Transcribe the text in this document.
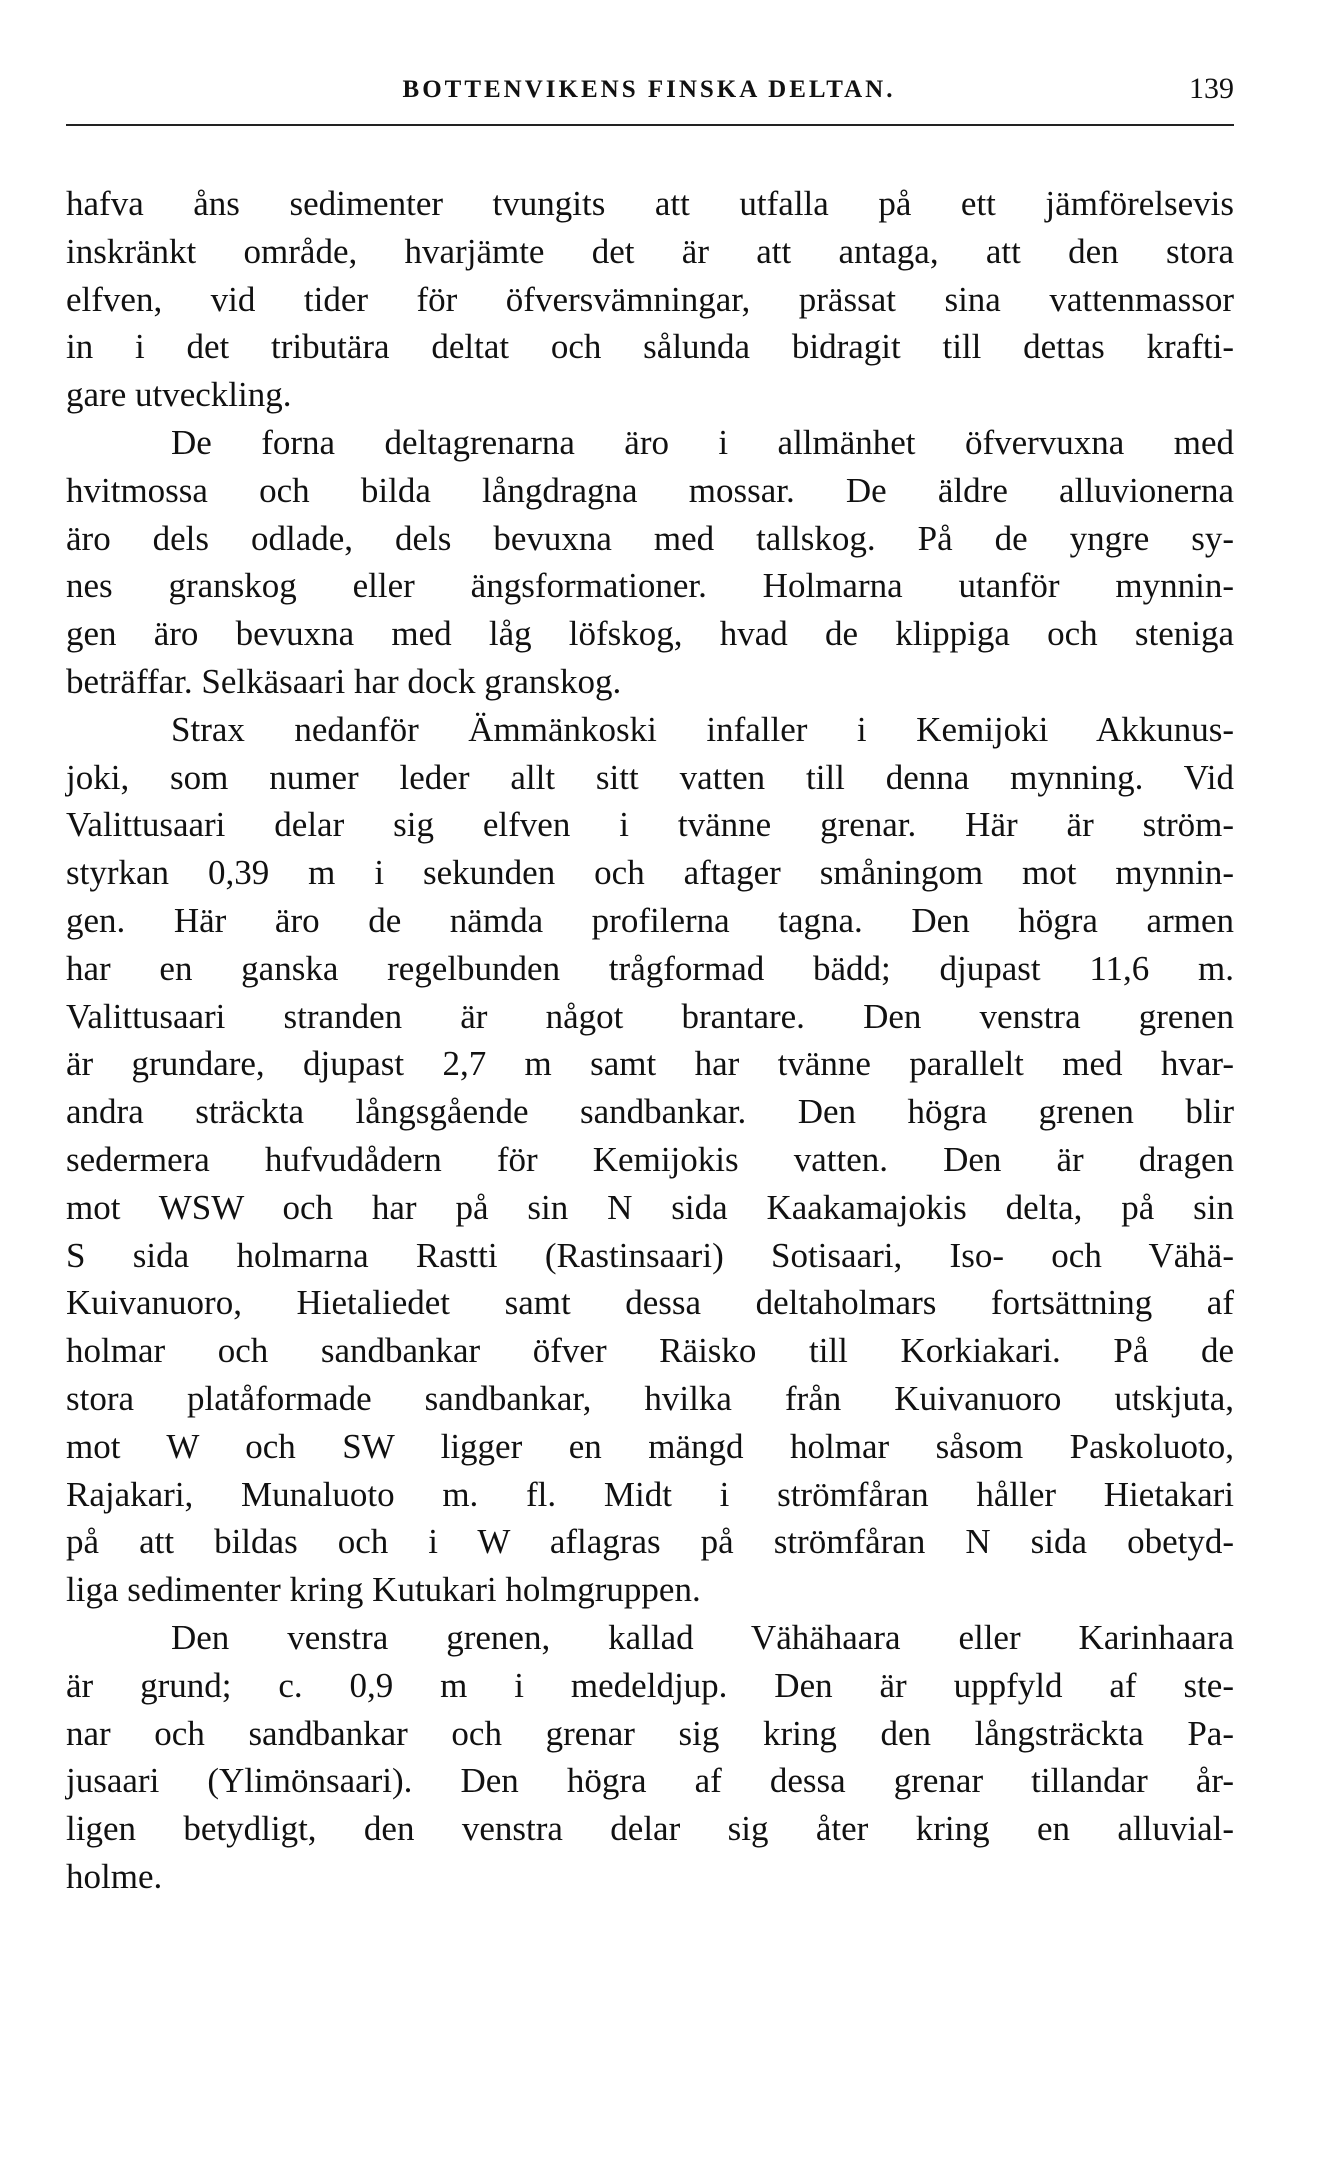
BOTTENVIKENS FINSKA DELTAN.	139
hafva åns sedimenter tvungits att utfalla på ett jämförelsevis
inskränkt område, hvarjämte det är att antaga, att den stora
elfven, vid tider för öfversvämningar, prässat sina vattenmassor
in i det tributära deltat och sålunda bidragit till dettas krafti-
gare utveckling.
De forna deltagrenarna äro i allmänhet öfvervuxna med
hvitmossa och bilda långdragna mossar. De äldre alluvionerna
äro dels odlade, dels bevuxna med tallskog. På de yngre sy-
nes granskog eller ängsformationer. Holmarna utanför mynnin-
gen äro bevuxna med låg löfskog, hvad de klippiga och steniga
beträffar. Selkäsaari har dock granskog.
Strax nedanför Ämmänkoski infaller i Kemijoki Akkunus-
joki, som numer leder allt sitt vatten till denna mynning. Vid
Valittusaari delar sig elfven i tvänne grenar. Här är ström-
styrkan 0,39 m i sekunden och aftager småningom mot mynnin-
gen. Här äro de nämda profilerna tagna. Den högra armen
har en ganska regelbunden trågformad bädd; djupast 11,6 m.
Valittusaari stranden är något brantare. Den venstra grenen
är grundare, djupast 2,7 m samt har tvänne parallelt med hvar-
andra sträckta långsgående sandbankar. Den högra grenen blir
sedermera hufvudådern för Kemijokis vatten. Den är dragen
mot WSW och har på sin N sida Kaakamajokis delta, på sin
S sida holmarna Rastti (Rastinsaari) Sotisaari, Iso- och Vähä-
Kuivanuoro, Hietaliedet samt dessa deltaholmars fortsättning af
holmar och sandbankar öfver Räisko till Korkiakari. På de
stora platåformade sandbankar, hvilka från Kuivanuoro utskjuta,
mot W och SW ligger en mängd holmar såsom Paskoluoto,
Rajakari, Munaluoto m. fl. Midt i strömfåran håller Hietakari
på att bildas och i W aflagras på strömfåran N sida obetyd-
liga sedimenter kring Kutukari holmgruppen.
Den venstra grenen, kallad Vähähaara eller Karinhaara
är grund; c. 0,9 m i medeldjup. Den är uppfyld af ste-
nar och sandbankar och grenar sig kring den långsträckta Pa-
jusaari (Ylimönsaari). Den högra af dessa grenar tillandar år-
ligen betydligt, den venstra delar sig åter kring en alluvial-
holme.
